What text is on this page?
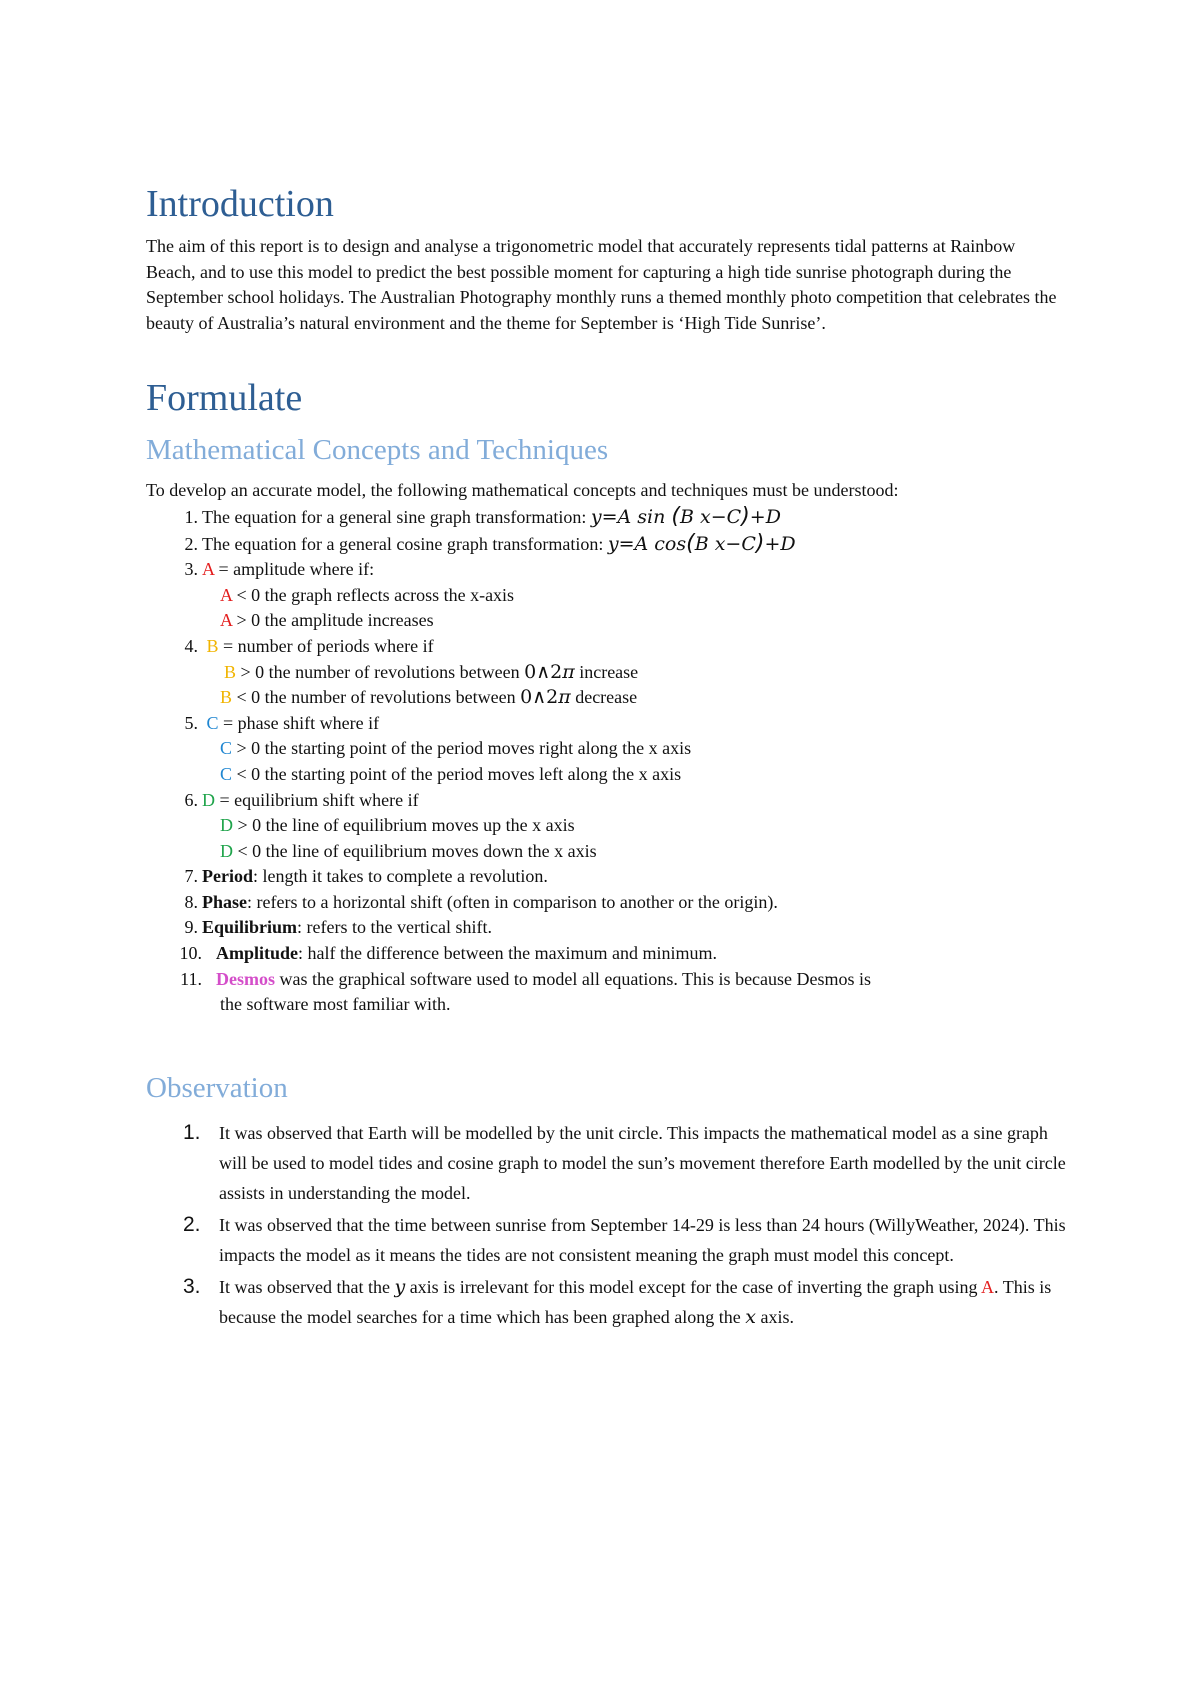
Introduction

The aim of this report is to design and analyse a trigonometric model that accurately represents tidal patterns at Rainbow Beach, and to use this model to predict the best possible moment for capturing a high tide sunrise photograph during the September school holidays. The Australian Photography monthly runs a themed monthly photo competition that celebrates the beauty of Australia’s natural environment and the theme for September is ‘High Tide Sunrise’.

Formulate
Mathematical Concepts and Techniques

To develop an accurate model, the following mathematical concepts and techniques must be understood:

1. The equation for a general sine graph transformation: y=A sin (B x−C)+D
2. The equation for a general cosine graph transformation: y=A cos(B x−C)+D
3. A = amplitude where if:
A < 0 the graph reflects across the x-axis
A > 0 the amplitude increases
4. B = number of periods where if
B > 0 the number of revolutions between 0∧2π increase
B < 0 the number of revolutions between 0∧2π decrease
5. C = phase shift where if
C > 0 the starting point of the period moves right along the x axis
C < 0 the starting point of the period moves left along the x axis
6. D = equilibrium shift where if
D > 0 the line of equilibrium moves up the x axis
D < 0 the line of equilibrium moves down the x axis
7. Period: length it takes to complete a revolution.
8. Phase: refers to a horizontal shift (often in comparison to another or the origin).
9. Equilibrium: refers to the vertical shift.
10. Amplitude: half the difference between the maximum and minimum.
11. Desmos was the graphical software used to model all equations. This is because Desmos is
the software most familiar with.
Observation
1. It was observed that Earth will be modelled by the unit circle. This impacts the mathematical model as a sine graph will be used to model tides and cosine graph to model the sun’s movement therefore Earth modelled by the unit circle assists in understanding the model.
2. It was observed that the time between sunrise from September 14-29 is less than 24 hours (WillyWeather, 2024). This impacts the model as it means the tides are not consistent meaning the graph must model this concept.
3. It was observed that the y axis is irrelevant for this model except for the case of inverting the graph using A. This is because the model searches for a time which has been graphed along the x axis.
